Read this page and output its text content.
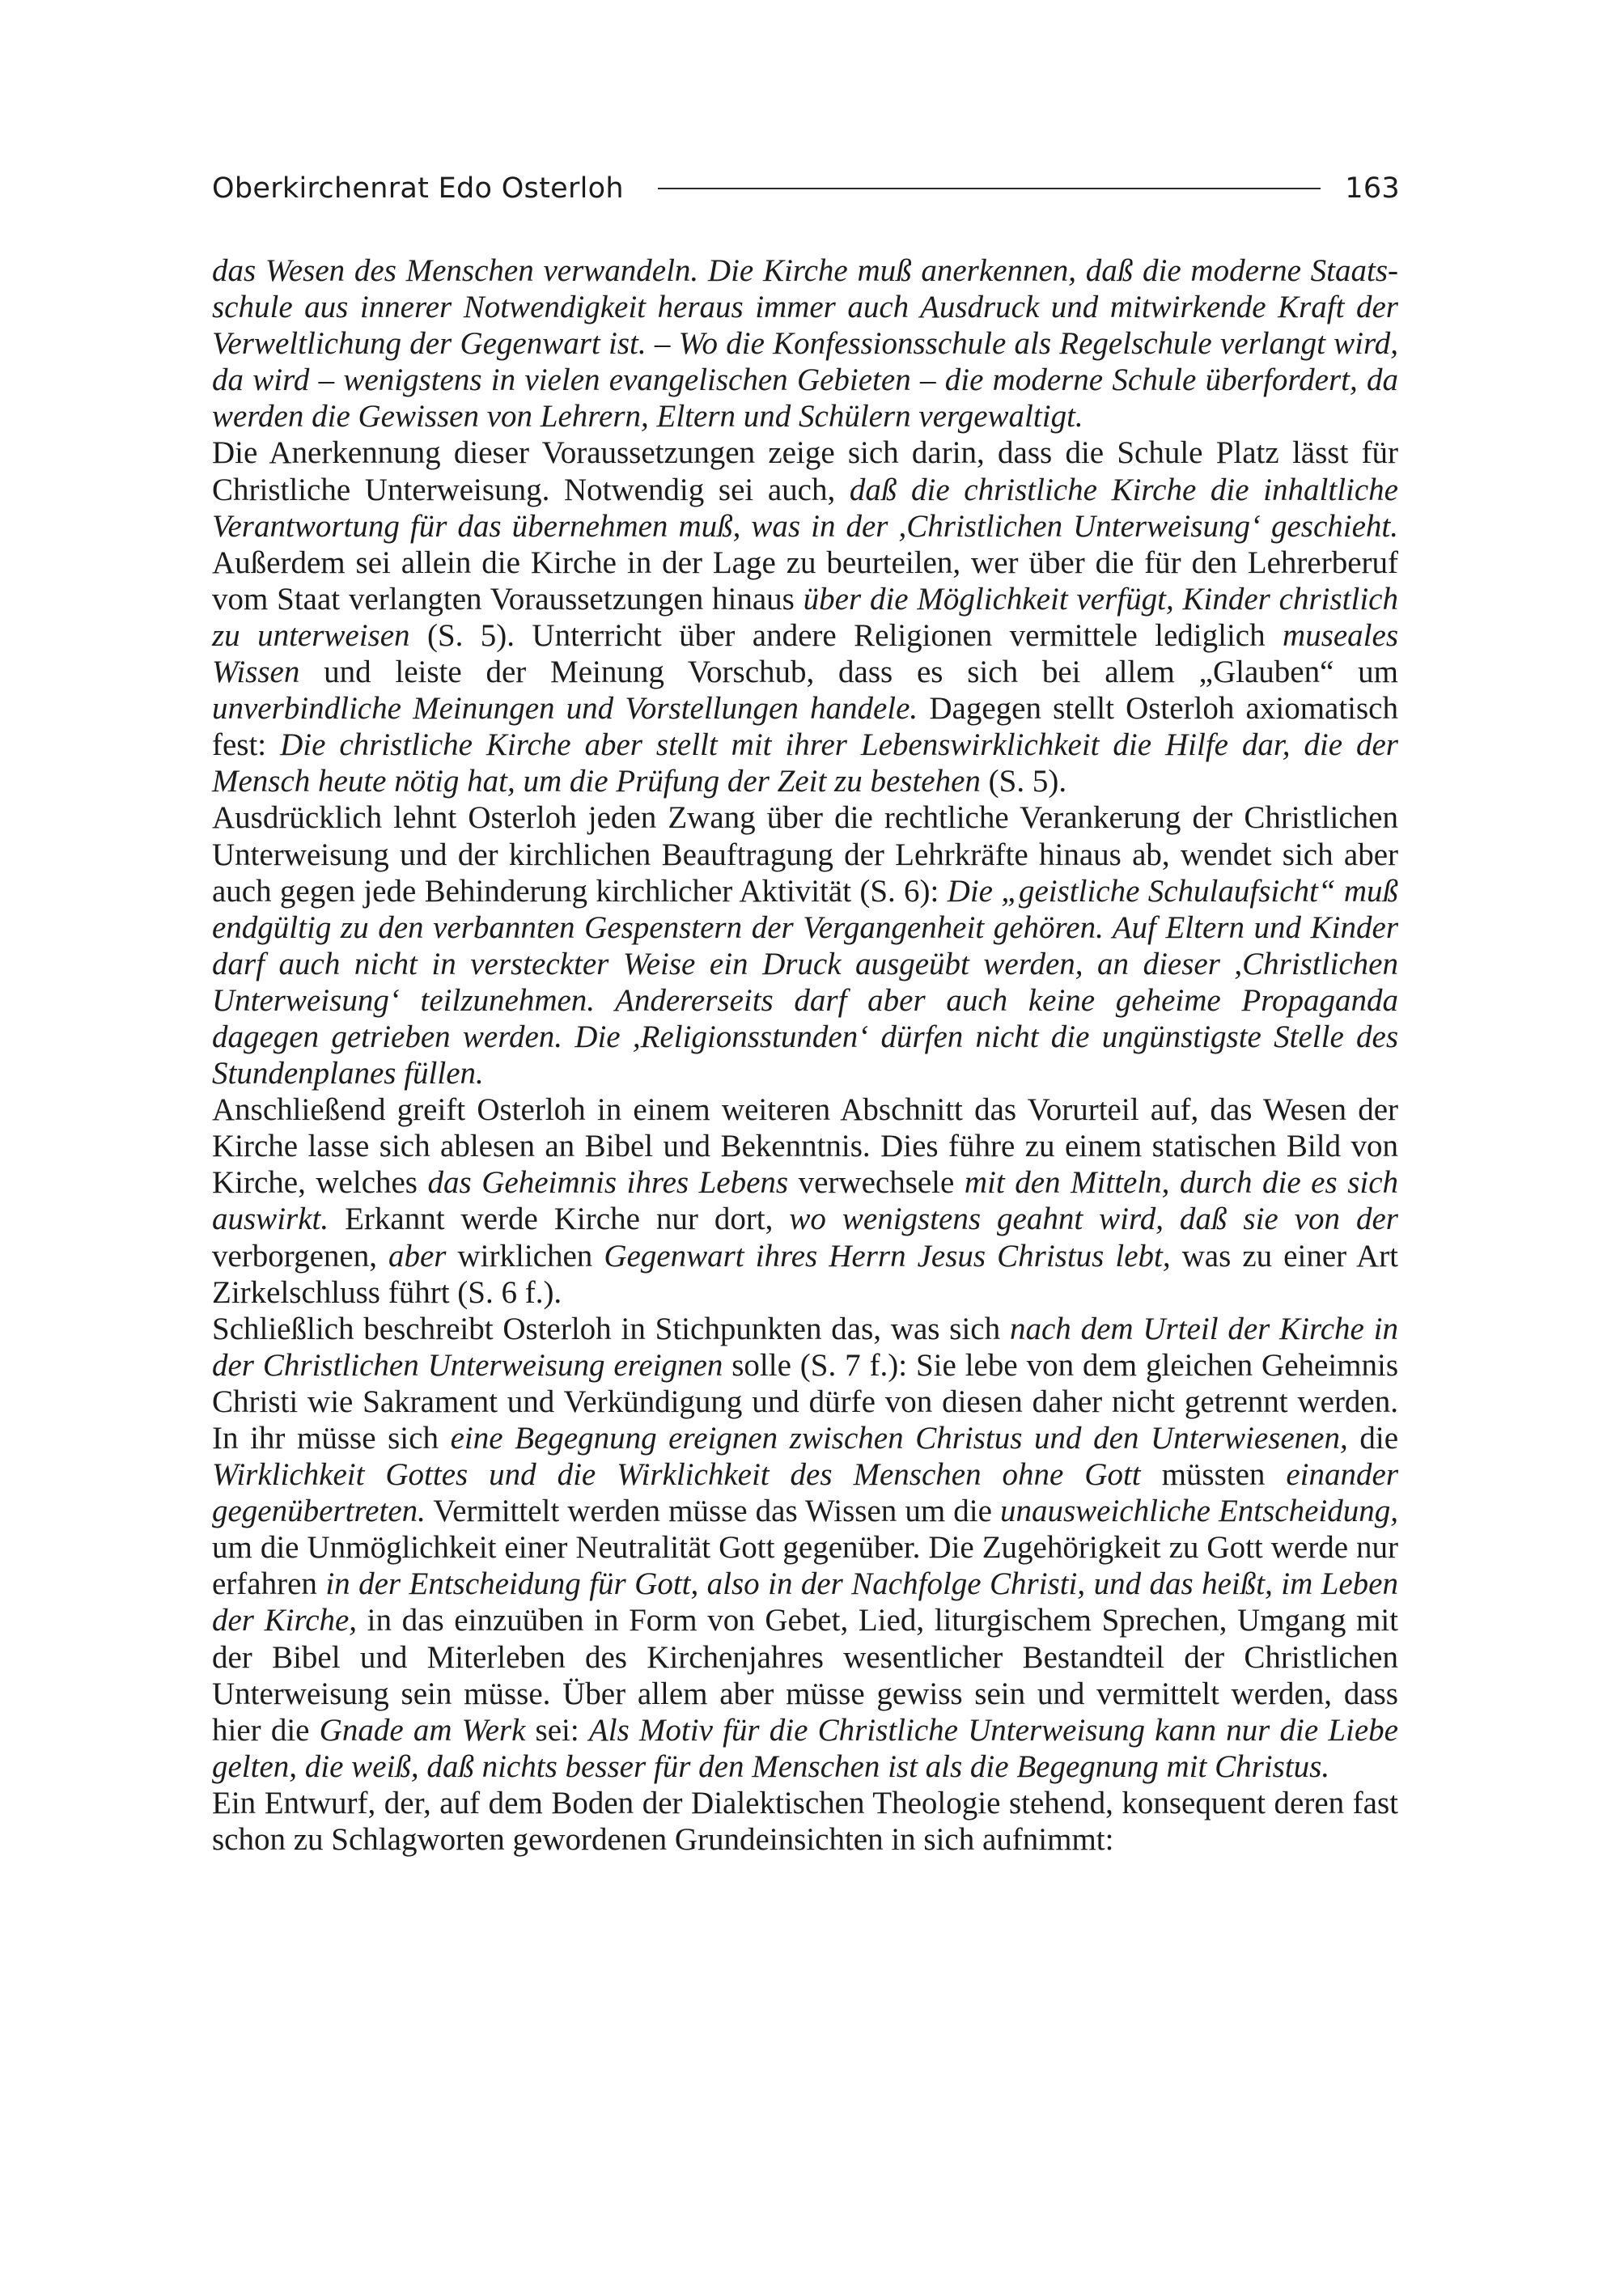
Oberkirchenrat Edo Osterloh	163

das Wesen des Menschen verwandeln. Die Kirche muß anerkennen, daß die moderne Staatsschule aus innerer Notwendigkeit heraus immer auch Ausdruck und mitwirkende Kraft der Verweltlichung der Gegenwart ist. – Wo die Konfessionsschule als Regelschule verlangt wird, da wird – wenigstens in vielen evangelischen Gebieten – die moderne Schule überfordert, da werden die Gewissen von Lehrern, Eltern und Schülern vergewaltigt.

Die Anerkennung dieser Voraussetzungen zeige sich darin, dass die Schule Platz lässt für Christliche Unterweisung. Notwendig sei auch, daß die christliche Kirche die inhaltliche Verantwortung für das übernehmen muß, was in der ,Christlichen Unterweisung‘ geschieht. Außerdem sei allein die Kirche in der Lage zu beurteilen, wer über die für den Lehrerberuf vom Staat verlangten Voraussetzungen hinaus über die Möglichkeit verfügt, Kinder christlich zu unterweisen (S. 5). Unterricht über andere Religionen vermittele lediglich museales Wissen und leiste der Meinung Vorschub, dass es sich bei allem „Glauben“ um unverbindliche Meinungen und Vorstellungen handele. Dagegen stellt Osterloh axiomatisch fest: Die christliche Kirche aber stellt mit ihrer Lebenswirklichkeit die Hilfe dar, die der Mensch heute nötig hat, um die Prüfung der Zeit zu bestehen (S. 5).

Ausdrücklich lehnt Osterloh jeden Zwang über die rechtliche Verankerung der Christlichen Unterweisung und der kirchlichen Beauftragung der Lehrkräfte hinaus ab, wendet sich aber auch gegen jede Behinderung kirchlicher Aktivität (S. 6): Die „geistliche Schulaufsicht“ muß endgültig zu den verbannten Gespenstern der Vergangenheit gehören. Auf Eltern und Kinder darf auch nicht in versteckter Weise ein Druck ausgeübt werden, an dieser ,Christlichen Unterweisung‘ teilzunehmen. Andererseits darf aber auch keine geheime Propaganda dagegen getrieben werden. Die ,Religionsstunden‘ dürfen nicht die ungünstigste Stelle des Stundenplanes füllen.

Anschließend greift Osterloh in einem weiteren Abschnitt das Vorurteil auf, das Wesen der Kirche lasse sich ablesen an Bibel und Bekenntnis. Dies führe zu einem statischen Bild von Kirche, welches das Geheimnis ihres Lebens verwechsele mit den Mitteln, durch die es sich auswirkt. Erkannt werde Kirche nur dort, wo wenigstens geahnt wird, daß sie von der verborgenen, aber wirklichen Gegenwart ihres Herrn Jesus Christus lebt, was zu einer Art Zirkelschluss führt (S. 6 f.).

Schließlich beschreibt Osterloh in Stichpunkten das, was sich nach dem Urteil der Kirche in der Christlichen Unterweisung ereignen solle (S. 7 f.): Sie lebe von dem gleichen Geheimnis Christi wie Sakrament und Verkündigung und dürfe von diesen daher nicht getrennt werden. In ihr müsse sich eine Begegnung ereignen zwischen Christus und den Unterwiesenen, die Wirklichkeit Gottes und die Wirklichkeit des Menschen ohne Gott müssten einander gegenübertreten. Vermittelt werden müsse das Wissen um die unausweichliche Entscheidung, um die Unmöglichkeit einer Neutralität Gott gegenüber. Die Zugehörigkeit zu Gott werde nur erfahren in der Entscheidung für Gott, also in der Nachfolge Christi, und das heißt, im Leben der Kirche, in das einzuüben in Form von Gebet, Lied, liturgischem Sprechen, Umgang mit der Bibel und Miterleben des Kirchenjahres wesentlicher Bestandteil der Christlichen Unterweisung sein müsse. Über allem aber müsse gewiss sein und vermittelt werden, dass hier die Gnade am Werk sei: Als Motiv für die Christliche Unterweisung kann nur die Liebe gelten, die weiß, daß nichts besser für den Menschen ist als die Begegnung mit Christus.

Ein Entwurf, der, auf dem Boden der Dialektischen Theologie stehend, konsequent deren fast schon zu Schlagworten gewordenen Grundeinsichten in sich aufnimmt:
